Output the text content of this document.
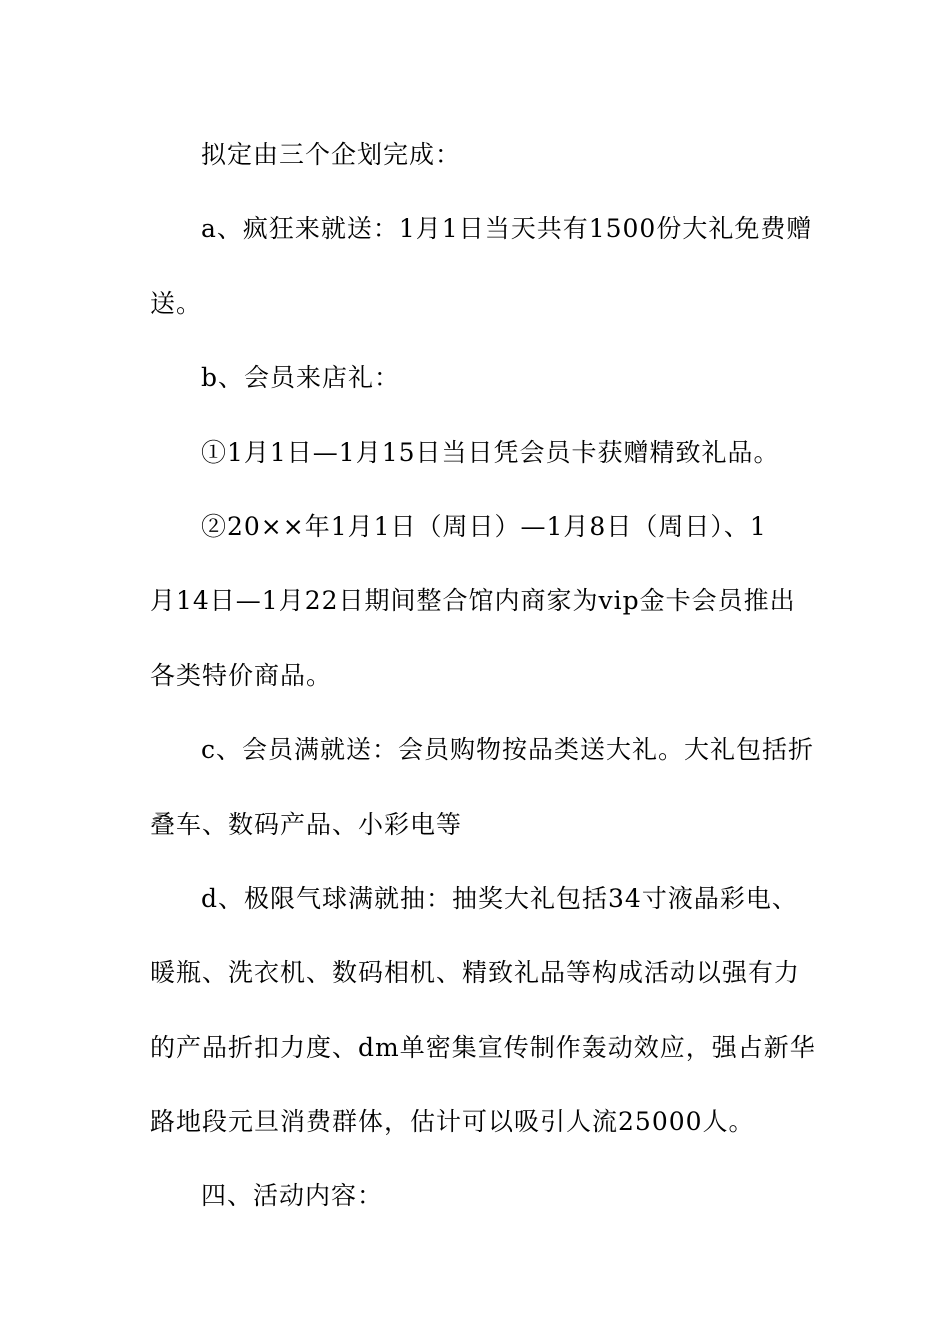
拟定由三个企划完成：
a、疯狂来就送：1月1日当天共有1500份大礼免费赠
送。
b、会员来店礼：
①1月1日—1月15日当日凭会员卡获赠精致礼品。
②20××年1月1日（周日）—1月8日（周日）、1
月14日—1月22日期间整合馆内商家为vip金卡会员推出
各类特价商品。
c、会员满就送：会员购物按品类送大礼。大礼包括折
叠车、数码产品、小彩电等
d、极限气球满就抽：抽奖大礼包括34寸液晶彩电、
暖瓶、洗衣机、数码相机、精致礼品等构成活动以强有力
的产品折扣力度、dm单密集宣传制作轰动效应，强占新华
路地段元旦消费群体，估计可以吸引人流25000人。
四、活动内容：
